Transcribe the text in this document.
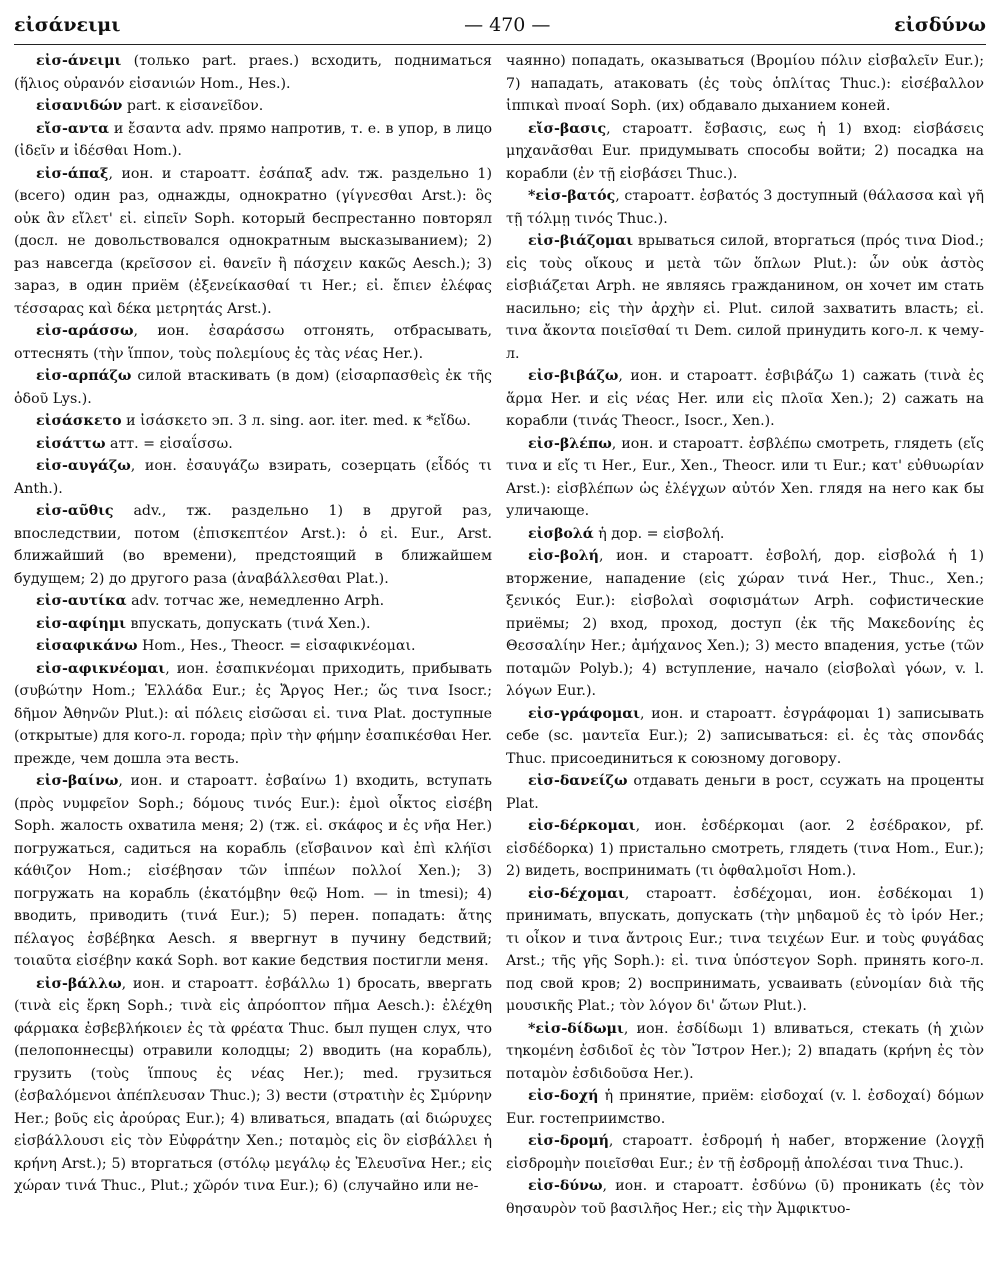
εἰσάνειμι	— 470 —	εἰσδύνω

εἰσ-άνειμι (только part. praes.) всходить, подниматься (ἥλιος οὐρανόν εἰσανιών Hom., Hes.).

εἰσανιδών part. к εἰσανεῖδον.

εἴσ-αντα и ἔσαντα adv. прямо напротив, т. е. в упор, в лицо (ἰδεῖν и ἰδέσθαι Hom.).

εἰσ-άπαξ, ион. и староатт. ἐσάπαξ adv. тж. раздельно 1) (всего) один раз, однажды, однократно (γίγνεσθαι Arst.): ὃς οὐκ ἂν εἴλετ' εἰ. εἰπεῖν Soph. который беспрестанно повторял (досл. не довольствовался однократным высказыванием); 2) раз навсегда (κρεῖσσον εἰ. θανεῖν ἢ πάσχειν κακῶς Aesch.); 3) зараз, в один приём (ἐξενείκασθαί τι Her.; εἰ. ἔπιεν ἐλέφας τέσσαρας καὶ δέκα μετρητάς Arst.).

εἰσ-αράσσω, ион. ἐσαράσσω отгонять, отбрасывать, оттеснять (τὴν ἵππον, τοὺς πολεμίους ἐς τὰς νέας Her.).

εἰσ-αρπάζω силой втаскивать (в дом) (εἰσαρπασθεὶς ἐκ τῆς ὁδοῦ Lys.).

εἰσάσκετο и ἰσάσκετο эп. 3 л. sing. aor. iter. med. к *εἴδω.

εἰσάττω атт. = εἰσαΐσσω.

εἰσ-αυγάζω, ион. ἐσαυγάζω взирать, созерцать (εἶδός τι Anth.).

εἰσ-αῦθις adv., тж. раздельно 1) в другой раз, впоследствии, потом (ἐπισκεπτέον Arst.): ὁ εἰ. Eur., Arst. ближайший (во времени), предстоящий в ближайшем будущем; 2) до другого раза (ἀναβάλλεσθαι Plat.).

εἰσ-αυτίκα adv. тотчас же, немедленно Arph.

εἰσ-αφίημι впускать, допускать (τινά Xen.).

εἰσαφικάνω Hom., Hes., Theocr. = εἰσαφικνέομαι.

εἰσ-αφικνέομαι, ион. ἐσαπικνέομαι приходить, прибывать (συβώτην Hom.; Ἑλλάδα Eur.; ἐς Ἄργος Her.; ὥς τινα Isocr.; δῆμον Ἀθηνῶν Plut.): αἱ πόλεις εἰσῶσαι εἰ. τινα Plat. доступные (открытые) для кого-л. города; πρὶν τὴν φήμην ἐσαπικέσθαι Her. прежде, чем дошла эта весть.

εἰσ-βαίνω, ион. и староатт. ἐσβαίνω 1) входить, вступать (πρὸς νυμφεῖον Soph.; δόμους τινός Eur.): ἐμοὶ οἶκτος εἰσέβη Soph. жалость охватила меня; 2) (тж. εἰ. σκάφος и ἐς νῆα Her.) погружаться, садиться на корабль (εἴσβαινον καὶ ἐπὶ κλήϊσι κάθιζον Hom.; εἰσέβησαν τῶν ἱππέων πολλοί Xen.); 3) погружать на корабль (ἑκατόμβην θεῷ Hom. — in tmesi); 4) вводить, приводить (τινά Eur.); 5) перен. попадать: ἄτης πέλαγος ἐσβέβηκα Aesch. я ввергнут в пучину бедствий; τοιαῦτα εἰσέβην κακά Soph. вот какие бедствия постигли меня.

εἰσ-βάλλω, ион. и староатт. ἐσβάλλω 1) бросать, ввергать (τινὰ εἰς ἕρκη Soph.; τινὰ εἰς ἀπρόοπτον πῆμα Aesch.): ἐλέχθη φάρμακα ἐσβεβλήκοιεν ἐς τὰ φρέατα Thuc. был пущен слух, что (пелопоннесцы) отравили колодцы; 2) вводить (на корабль), грузить (τοὺς ἵππους ἐς νέας Her.); med. грузиться (ἐσβαλόμενοι ἀπέπλευσαν Thuc.); 3) вести (στρατιὴν ἐς Σμύρνην Her.; βοῦς εἰς ἀρούρας Eur.); 4) вливаться, впадать (αἱ διώρυχες εἰσβάλλουσι εἰς τὸν Εὐφράτην Xen.; ποταμὸς εἰς ὃν εἰσβάλλει ἡ κρήνη Arst.); 5) вторгаться (στόλῳ μεγάλῳ ἐς Ἐλευσῖνα Her.; εἰς χώραν τινά Thuc., Plut.; χῶρόν τινα Eur.); 6) (случайно или не-

чаянно) попадать, оказываться (Βρομίου πόλιν εἰσβαλεῖν Eur.); 7) нападать, атаковать (ἐς τοὺς ὁπλίτας Thuc.): εἰσέβαλλον ἱππικαὶ πνοαί Soph. (их) обдавало дыханием коней.

εἴσ-βασις, староатт. ἔσβασις, εως ἡ 1) вход: εἰσβάσεις μηχανᾶσθαι Eur. придумывать способы войти; 2) посадка на корабли (ἐν τῇ εἰσβάσει Thuc.).

*εἰσ-βατός, староатт. ἐσβατός 3 доступный (θάλασσα καὶ γῆ τῇ τόλμῃ τινός Thuc.).

εἰσ-βιάζομαι врываться силой, вторгаться (πρός τινα Diod.; εἰς τοὺς οἴκους и μετὰ τῶν ὅπλων Plut.): ὧν οὐκ ἀστὸς εἰσβιάζεται Arph. не являясь гражданином, он хочет им стать насильно; εἰς τὴν ἀρχὴν εἰ. Plut. силой захватить власть; εἰ. τινα ἄκοντα ποιεῖσθαί τι Dem. силой принудить кого-л. к чему-л.

εἰσ-βιβάζω, ион. и староатт. ἐσβιβάζω 1) сажать (τινὰ ἐς ἅρμα Her. и εἰς νέας Her. или εἰς πλοῖα Xen.); 2) сажать на корабли (τινάς Theocr., Isocr., Xen.).

εἰσ-βλέπω, ион. и староатт. ἐσβλέπω смотреть, глядеть (εἴς τινα и εἴς τι Her., Eur., Xen., Theocr. или τι Eur.; κατ' εὐθυωρίαν Arst.): εἰσβλέπων ὡς ἐλέγχων αὐτόν Xen. глядя на него как бы уличающе.

εἰσβολά ἡ дор. = εἰσβολή.

εἰσ-βολή, ион. и староатт. ἐσβολή, дор. εἰσβολά ἡ 1) вторжение, нападение (εἰς χώραν τινά Her., Thuc., Xen.; ξενικός Eur.): εἰσβολαὶ σοφισμάτων Arph. софистические приёмы; 2) вход, проход, доступ (ἐκ τῆς Μακεδονίης ἐς Θεσσαλίην Her.; ἀμήχανος Xen.); 3) место впадения, устье (τῶν ποταμῶν Polyb.); 4) вступление, начало (εἰσβολαὶ γόων, v. l. λόγων Eur.).

εἰσ-γράφομαι, ион. и староатт. ἐσγράφομαι 1) записывать себе (sc. μαντεῖα Eur.); 2) записываться: εἰ. ἐς τὰς σπονδάς Thuc. присоединиться к союзному договору.

εἰσ-δανείζω отдавать деньги в рост, ссужать на проценты Plat.

εἰσ-δέρκομαι, ион. ἐσδέρκομαι (aor. 2 ἐσέδρακον, pf. εἰσδέδορκα) 1) пристально смотреть, глядеть (τινα Hom., Eur.); 2) видеть, воспринимать (τι ὀφθαλμοῖσι Hom.).

εἰσ-δέχομαι, староатт. ἐσδέχομαι, ион. ἐσδέκομαι 1) принимать, впускать, допускать (τὴν μηδαμοῦ ἐς τὸ ἱρόν Her.; τι οἶκον и τινα ἄντροις Eur.; τινα τειχέων Eur. и τοὺς φυγάδας Arst.; τῆς γῆς Soph.): εἰ. τινα ὑπόστεγον Soph. принять кого-л. под свой кров; 2) воспринимать, усваивать (εὐνομίαν διὰ τῆς μουσικῆς Plat.; τὸν λόγον δι' ὤτων Plut.).

*εἰσ-δίδωμι, ион. ἐσδίδωμι 1) вливаться, стекать (ἡ χιὼν τηκομένη ἐσδιδοῖ ἐς τὸν Ἴστρον Her.); 2) впадать (κρήνη ἐς τὸν ποταμὸν ἐσδιδοῦσα Her.).

εἰσ-δοχή ἡ принятие, приём: εἰσδοχαί (v. l. ἐσδοχαί) δόμων Eur. гостеприимство.

εἰσ-δρομή, староатт. ἐσδρομή ἡ набег, вторжение (λογχῇ εἰσδρομὴν ποιεῖσθαι Eur.; ἐν τῇ ἐσδρομῇ ἀπολέσαι τινα Thuc.).

εἰσ-δύνω, ион. и староатт. ἐσδύνω (ῡ) проникать (ἐς τὸν θησαυρὸν τοῦ βασιλῆος Her.; εἰς τὴν Ἀμφικτυο-
